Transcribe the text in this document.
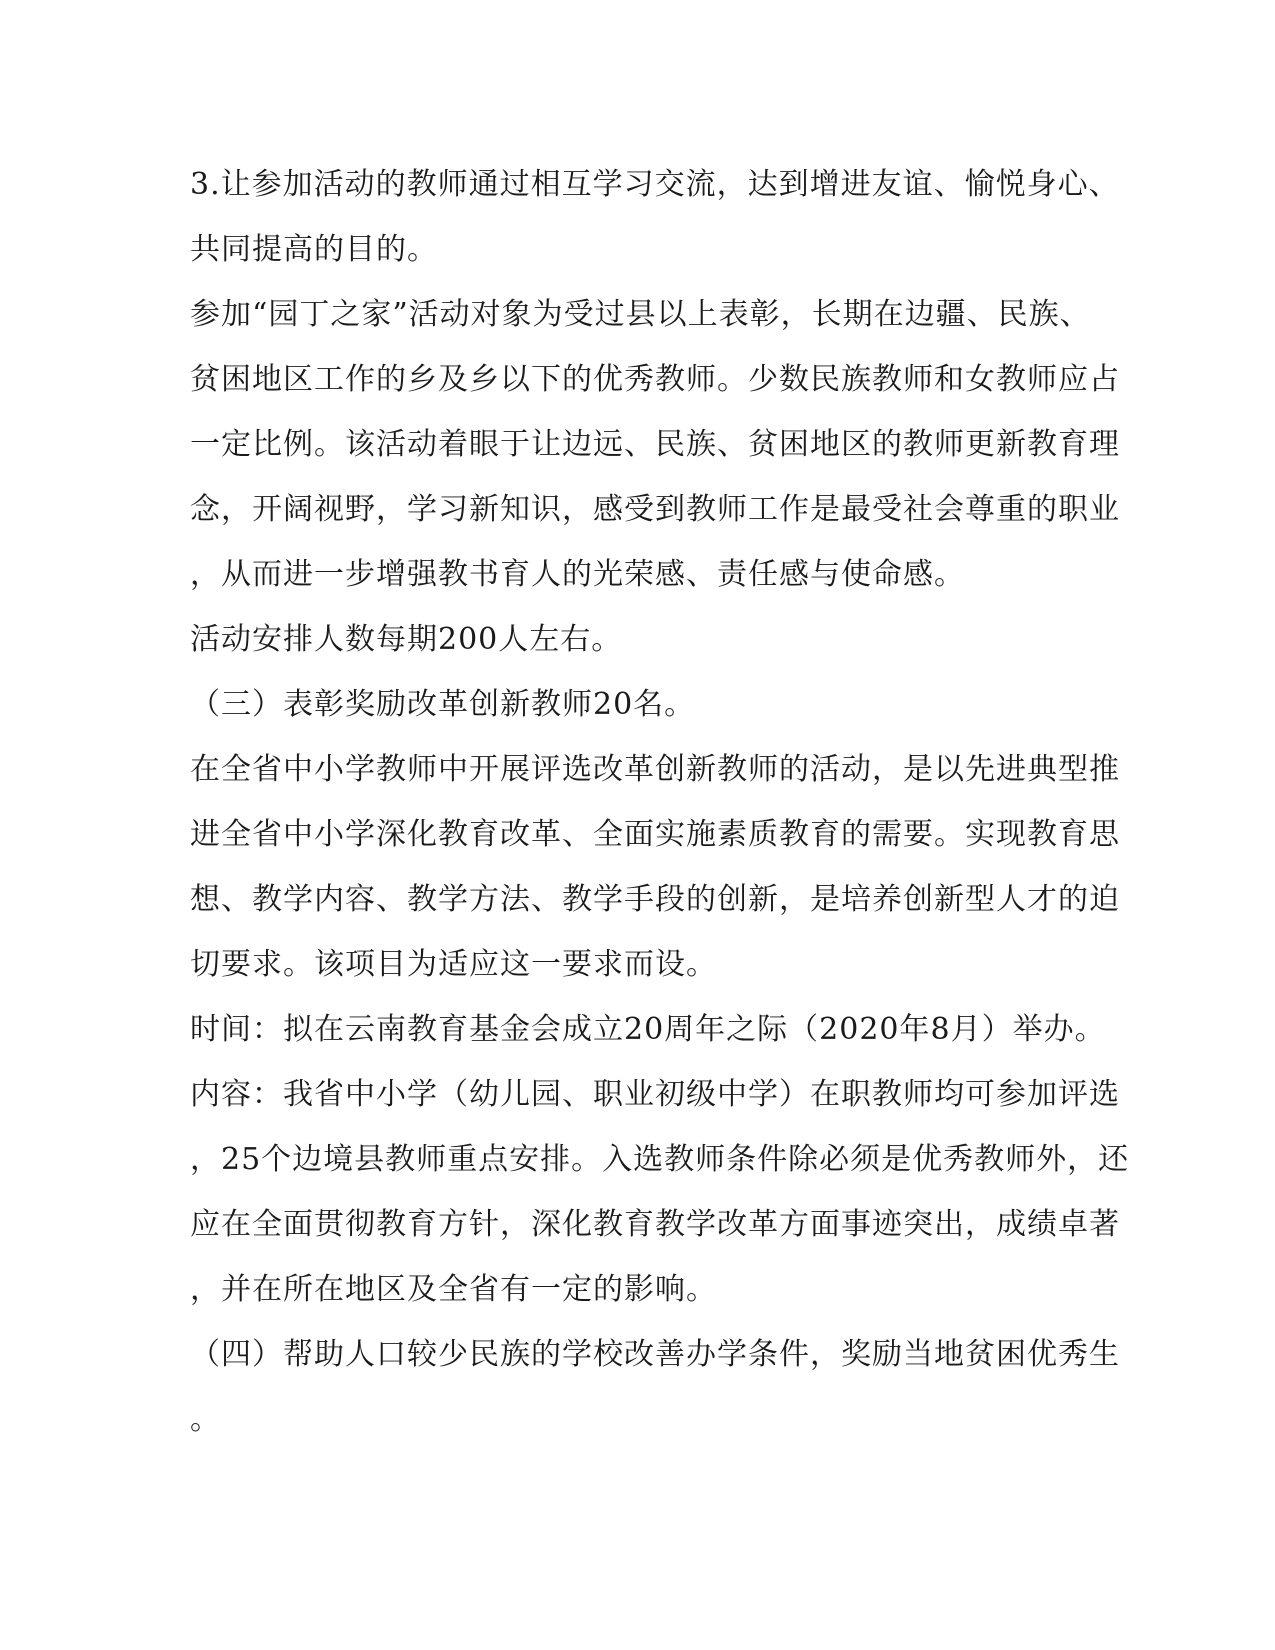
3.让参加活动的教师通过相互学习交流，达到增进友谊、愉悦身心、
共同提高的目的。
参加“园丁之家”活动对象为受过县以上表彰，长期在边疆、民族、
贫困地区工作的乡及乡以下的优秀教师。少数民族教师和女教师应占
一定比例。该活动着眼于让边远、民族、贫困地区的教师更新教育理
念，开阔视野，学习新知识，感受到教师工作是最受社会尊重的职业
，从而进一步增强教书育人的光荣感、责任感与使命感。
活动安排人数每期200人左右。
（三）表彰奖励改革创新教师20名。
在全省中小学教师中开展评选改革创新教师的活动，是以先进典型推
进全省中小学深化教育改革、全面实施素质教育的需要。实现教育思
想、教学内容、教学方法、教学手段的创新，是培养创新型人才的迫
切要求。该项目为适应这一要求而设。
时间：拟在云南教育基金会成立20周年之际（2020年8月）举办。
内容：我省中小学（幼儿园、职业初级中学）在职教师均可参加评选
，25个边境县教师重点安排。入选教师条件除必须是优秀教师外，还
应在全面贯彻教育方针，深化教育教学改革方面事迹突出，成绩卓著
，并在所在地区及全省有一定的影响。
（四）帮助人口较少民族的学校改善办学条件，奖励当地贫困优秀生
。
